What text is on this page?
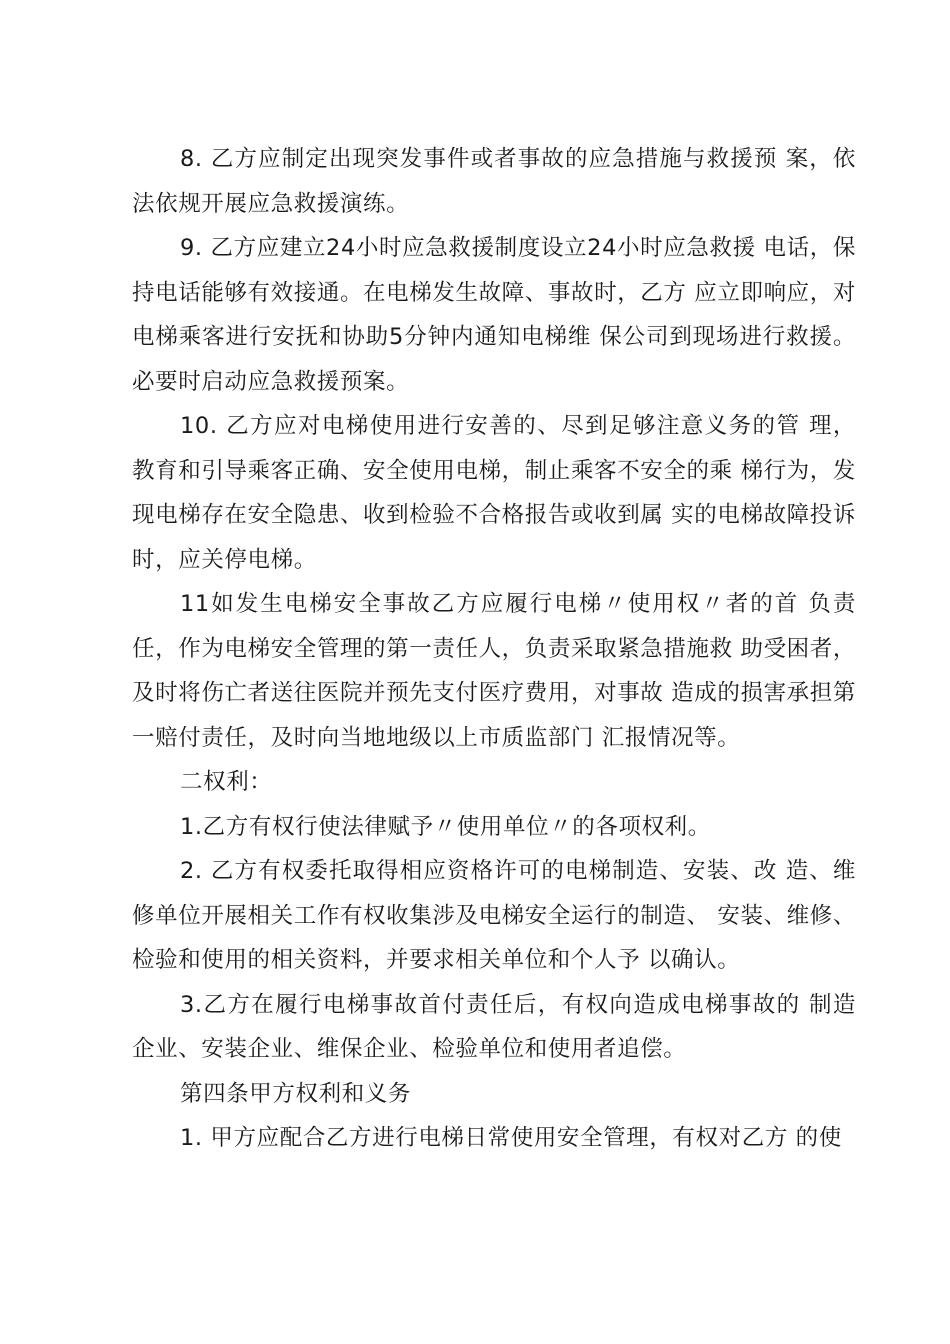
8. 乙方应制定出现突发事件或者事故的应急措施与救援预 案，依法依规开展应急救援演练。

9. 乙方应建立24小时应急救援制度设立24小时应急救援 电话，保持电话能够有效接通。在电梯发生故障、事故时，乙方 应立即响应，对电梯乘客进行安抚和协助5分钟内通知电梯维 保公司到现场进行救援。必要时启动应急救援预案。

10. 乙方应对电梯使用进行安善的、尽到足够注意义务的管 理，教育和引导乘客正确、安全使用电梯，制止乘客不安全的乘 梯行为，发现电梯存在安全隐患、收到检验不合格报告或收到属 实的电梯故障投诉时，应关停电梯。

11如发生电梯安全事故乙方应履行电梯〃使用权〃者的首 负责任，作为电梯安全管理的第一责任人，负责采取紧急措施救 助受困者，及时将伤亡者送往医院并预先支付医疗费用，对事故 造成的损害承担第一赔付责任，及时向当地地级以上市质监部门 汇报情况等。

二权利：

1.乙方有权行使法律赋予〃使用单位〃的各项权利。

2. 乙方有权委托取得相应资格许可的电梯制造、安装、改 造、维修单位开展相关工作有权收集涉及电梯安全运行的制造、 安装、维修、检验和使用的相关资料，并要求相关单位和个人予 以确认。

3.乙方在履行电梯事故首付责任后，有权向造成电梯事故的 制造企业、安装企业、维保企业、检验单位和使用者追偿。

第四条甲方权利和义务

1. 甲方应配合乙方进行电梯日常使用安全管理，有权对乙方 的使
